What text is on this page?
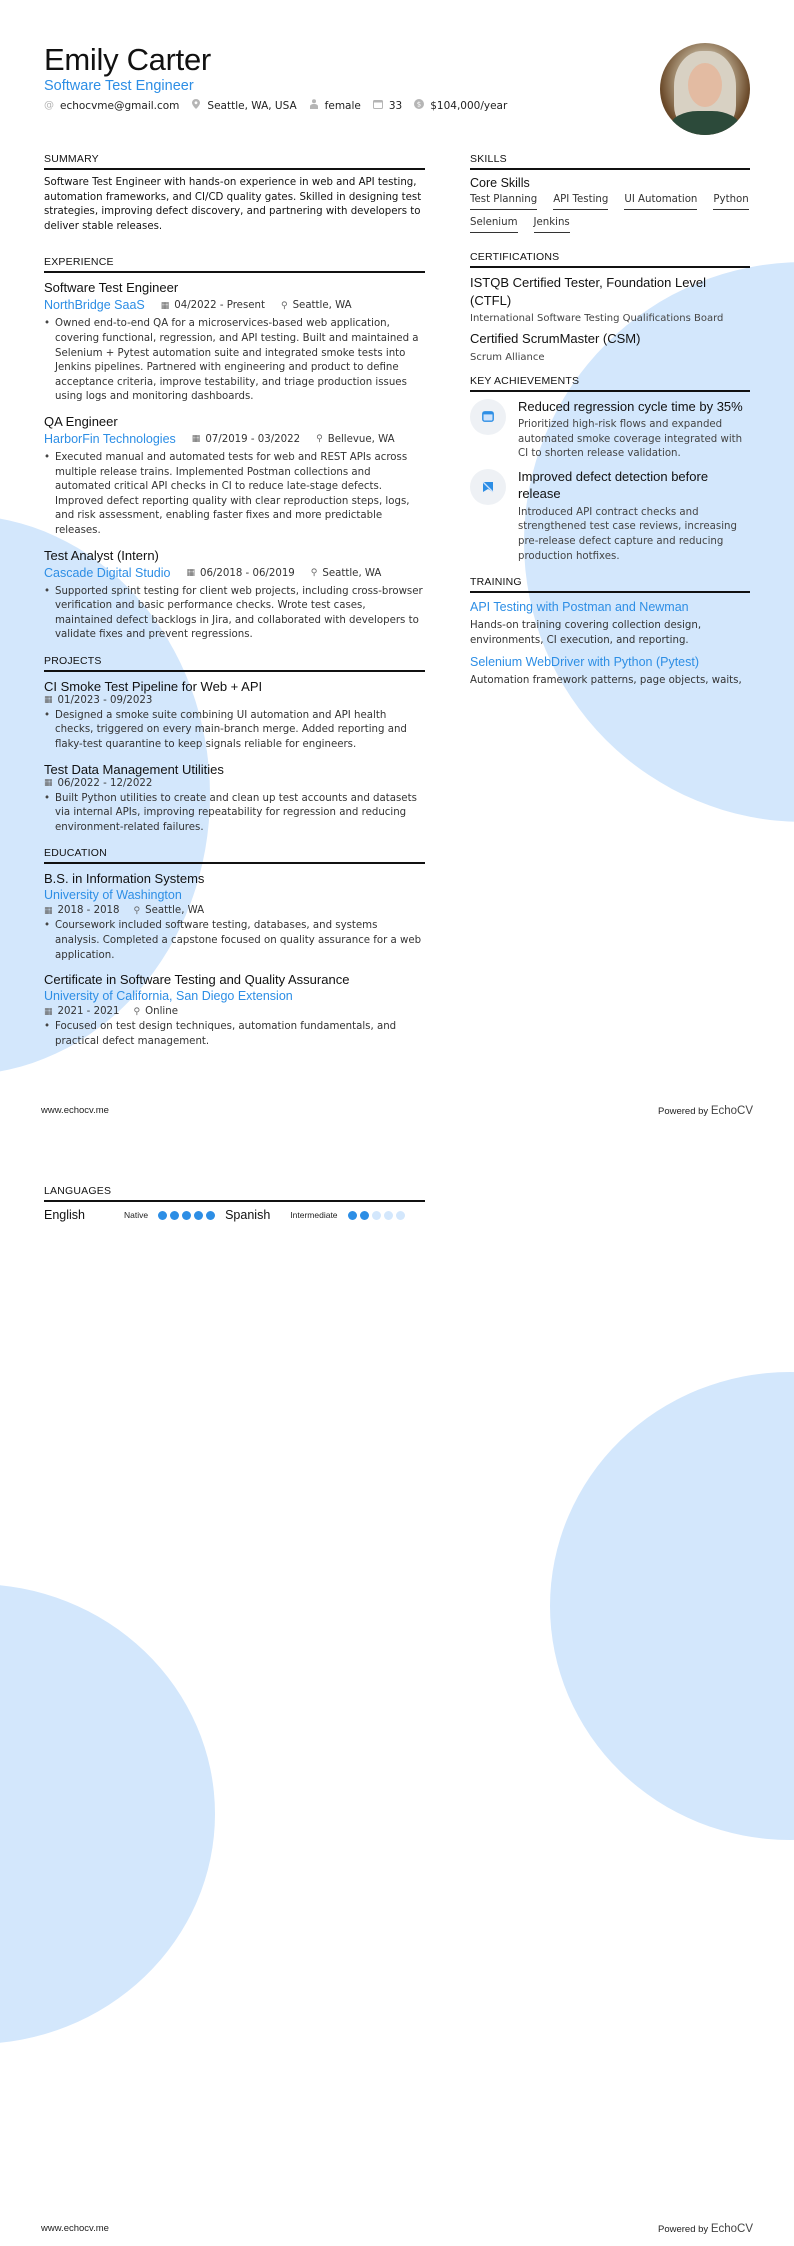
Emily Carter
Software Test Engineer
@ echocvme@gmail.com	Seattle, WA, USA	female	33 $ $104,000/year
SUMMARY
Software Test Engineer with hands-on experience in web and API testing, automation frameworks, and CI/CD quality gates. Skilled in designing test strategies, improving defect discovery, and partnering with developers to deliver stable releases.
EXPERIENCE
Software Test Engineer
NorthBridge SaaS ▦ 04/2022 - Present ⚲ Seattle, WA
• Owned end-to-end QA for a microservices-based web application, covering functional, regression, and API testing. Built and maintained a Selenium + Pytest automation suite and integrated smoke tests into Jenkins pipelines. Partnered with engineering and product to define acceptance criteria, improve testability, and triage production issues using logs and monitoring dashboards.
QA Engineer
HarborFin Technologies ▦ 07/2019 - 03/2022 ⚲ Bellevue, WA
• Executed manual and automated tests for web and REST APIs across multiple release trains. Implemented Postman collections and automated critical API checks in CI to reduce late-stage defects. Improved defect reporting quality with clear reproduction steps, logs, and risk assessment, enabling faster fixes and more predictable releases.
Test Analyst (Intern)
Cascade Digital Studio ▦ 06/2018 - 06/2019 ⚲ Seattle, WA
• Supported sprint testing for client web projects, including cross-browser verification and basic performance checks. Wrote test cases, maintained defect backlogs in Jira, and collaborated with developers to validate fixes and prevent regressions.
PROJECTS
CI Smoke Test Pipeline for Web + API
▦ 01/2023 - 09/2023
• Designed a smoke suite combining UI automation and API health checks, triggered on every main-branch merge. Added reporting and flaky-test quarantine to keep signals reliable for engineers.
Test Data Management Utilities
▦ 06/2022 - 12/2022
• Built Python utilities to create and clean up test accounts and datasets via internal APIs, improving repeatability for regression and reducing environment-related failures.
EDUCATION
B.S. in Information Systems
University of Washington
▦ 2018 - 2018 ⚲ Seattle, WA
• Coursework included software testing, databases, and systems analysis. Completed a capstone focused on quality assurance for a web application.
Certificate in Software Testing and Quality Assurance
University of California, San Diego Extension
▦ 2021 - 2021 ⚲ Online
• Focused on test design techniques, automation fundamentals, and practical defect management.
SKILLS
Core Skills
Test Planning API Testing UI Automation Python
Selenium Jenkins
CERTIFICATIONS
ISTQB Certified Tester, Foundation Level (CTFL)
International Software Testing Qualifications Board
Certified ScrumMaster (CSM)
Scrum Alliance
KEY ACHIEVEMENTS
Reduced regression cycle time by 35%
Prioritized high-risk flows and expanded automated smoke coverage integrated with CI to shorten release validation.
Improved defect detection before release
Introduced API contract checks and strengthened test case reviews, increasing pre-release defect capture and reducing production hotfixes.
TRAINING
API Testing with Postman and Newman
Hands-on training covering collection design, environments, CI execution, and reporting.
Selenium WebDriver with Python (Pytest)
Automation framework patterns, page objects, waits,
www.echocv.me	Powered by EchoCV
LANGUAGES
English	Native	Spanish Intermediate
www.echocv.me	Powered by EchoCV
